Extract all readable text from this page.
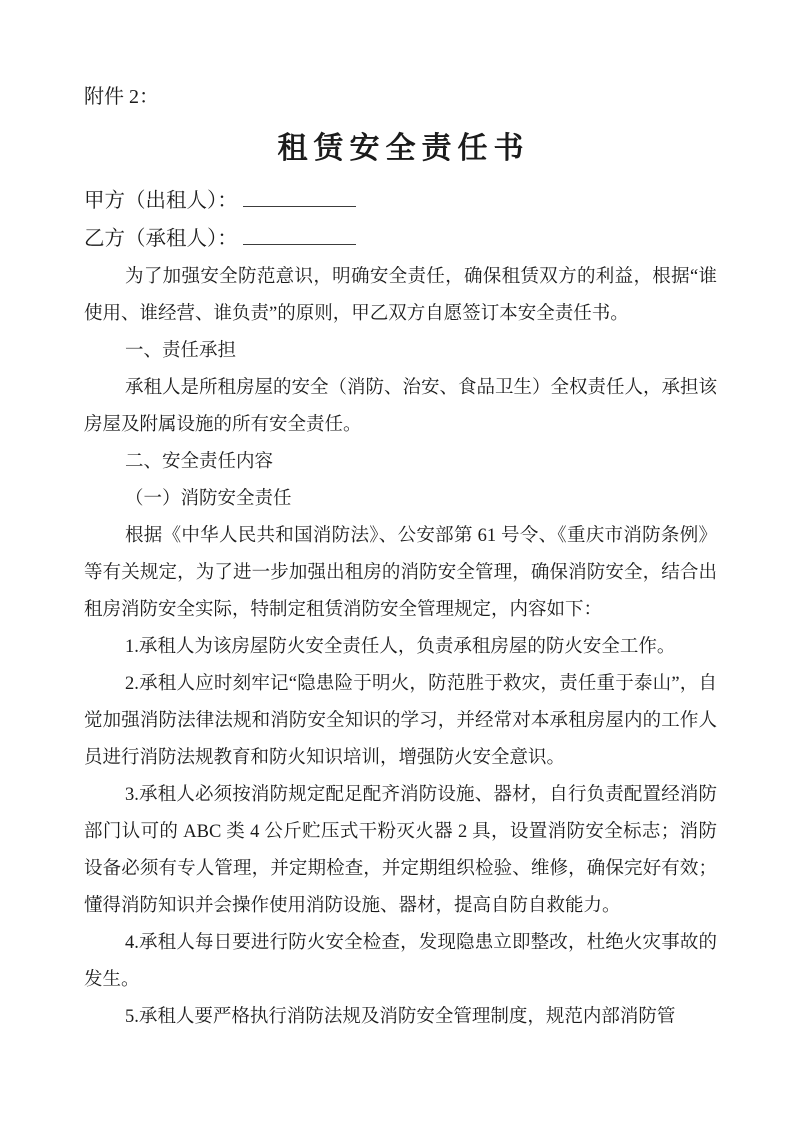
附件 2：
租赁安全责任书
甲方（出租人）：
乙方（承租人）：

为了加强安全防范意识，明确安全责任，确保租赁双方的利益，根据“谁使用、谁经营、谁负责”的原则，甲乙双方自愿签订本安全责任书。

一、责任承担

承租人是所租房屋的安全（消防、治安、食品卫生）全权责任人，承担该房屋及附属设施的所有安全责任。

二、安全责任内容

（一）消防安全责任

根据《中华人民共和国消防法》、公安部第 61 号令、《重庆市消防条例》等有关规定，为了进一步加强出租房的消防安全管理，确保消防安全，结合出租房消防安全实际，特制定租赁消防安全管理规定，内容如下：

1.承租人为该房屋防火安全责任人，负责承租房屋的防火安全工作。

2.承租人应时刻牢记“隐患险于明火，防范胜于救灾，责任重于泰山”，自觉加强消防法律法规和消防安全知识的学习，并经常对本承租房屋内的工作人员进行消防法规教育和防火知识培训，增强防火安全意识。

3.承租人必须按消防规定配足配齐消防设施、器材，自行负责配置经消防部门认可的 ABC 类 4 公斤贮压式干粉灭火器 2 具，设置消防安全标志；消防设备必须有专人管理，并定期检查，并定期组织检验、维修，确保完好有效；懂得消防知识并会操作使用消防设施、器材，提高自防自救能力。

4.承租人每日要进行防火安全检查，发现隐患立即整改，杜绝火灾事故的发生。

5.承租人要严格执行消防法规及消防安全管理制度，规范内部消防管
